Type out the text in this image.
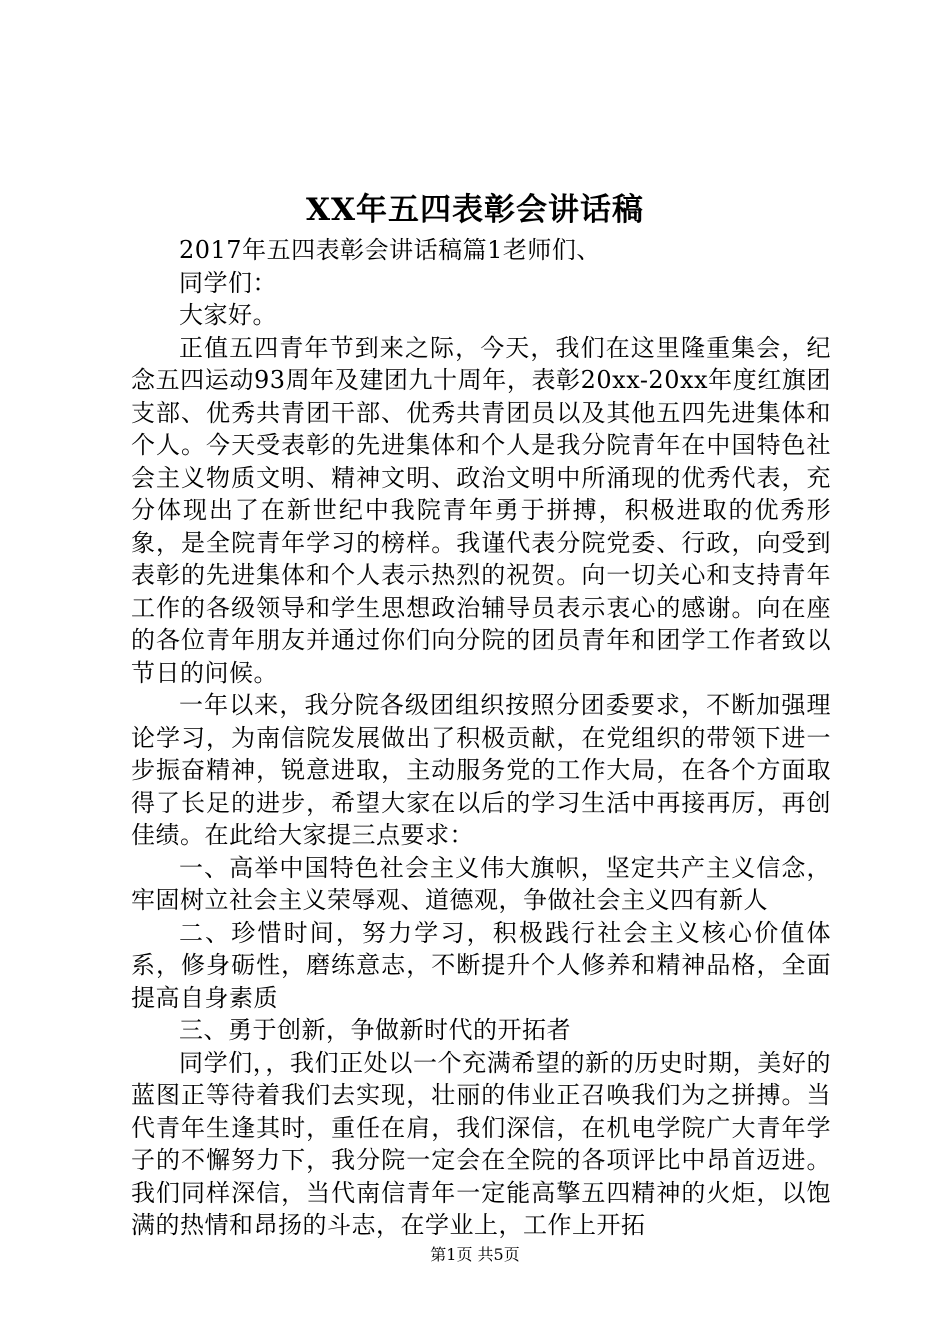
XX年五四表彰会讲话稿

2017年五四表彰会讲话稿篇1老师们、

同学们：

大家好。

正值五四青年节到来之际，今天，我们在这里隆重集会，纪念五四运动93周年及建团九十周年，表彰20xx-20xx年度红旗团支部、优秀共青团干部、优秀共青团员以及其他五四先进集体和个人。今天受表彰的先进集体和个人是我分院青年在中国特色社会主义物质文明、精神文明、政治文明中所涌现的优秀代表，充分体现出了在新世纪中我院青年勇于拼搏，积极进取的优秀形象，是全院青年学习的榜样。我谨代表分院党委、行政，向受到表彰的先进集体和个人表示热烈的祝贺。向一切关心和支持青年工作的各级领导和学生思想政治辅导员表示衷心的感谢。向在座的各位青年朋友并通过你们向分院的团员青年和团学工作者致以节日的问候。

一年以来，我分院各级团组织按照分团委要求，不断加强理论学习，为南信院发展做出了积极贡献，在党组织的带领下进一步振奋精神，锐意进取，主动服务党的工作大局，在各个方面取得了长足的进步，希望大家在以后的学习生活中再接再厉，再创佳绩。在此给大家提三点要求：

一、高举中国特色社会主义伟大旗帜，坚定共产主义信念，牢固树立社会主义荣辱观、道德观，争做社会主义四有新人

二、珍惜时间，努力学习，积极践行社会主义核心价值体系，修身砺性，磨练意志，不断提升个人修养和精神品格，全面提高自身素质

三、勇于创新，争做新时代的开拓者

同学们，，我们正处以一个充满希望的新的历史时期，美好的蓝图正等待着我们去实现，壮丽的伟业正召唤我们为之拼搏。当代青年生逢其时，重任在肩，我们深信，在机电学院广大青年学子的不懈努力下，我分院一定会在全院的各项评比中昂首迈进。我们同样深信，当代南信青年一定能高擎五四精神的火炬，以饱满的热情和昂扬的斗志，在学业上，工作上开拓

第1页 共5页
